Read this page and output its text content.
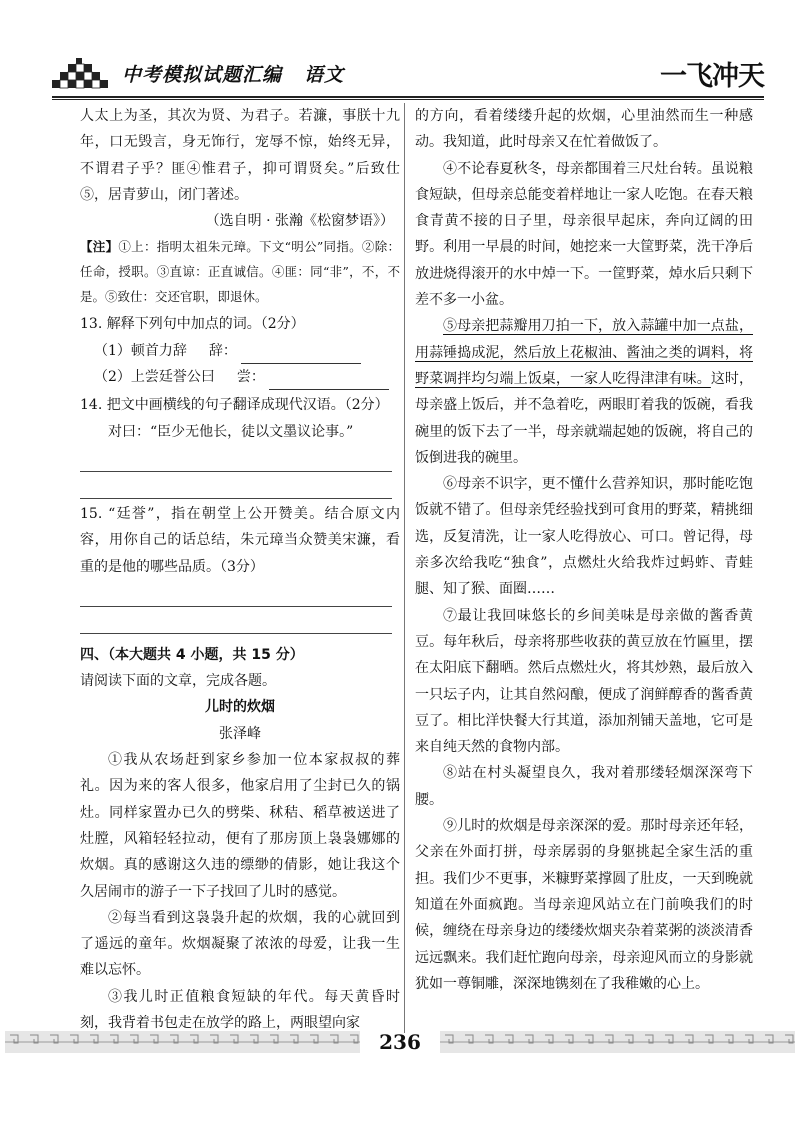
中考模拟试题汇编 语文	一飞冲天

人太上为圣，其次为贤、为君子。若濂，事朕十九年，口无毁言，身无饰行，宠辱不惊，始终无异，不谓君子乎？匪④惟君子，抑可谓贤矣。”后致仕⑤，居青萝山，闭门著述。

（选自明 · 张瀚《松窗梦语》）

【注】①上：指明太祖朱元璋。下文“明公”同指。②除：任命，授职。③直谅：正直诚信。④匪：同“非”，不，不是。⑤致仕：交还官职，即退休。

13. 解释下列句中加点的词。（2分）

（1）顿首力辞 辞：
（2）上尝廷誉公曰 尝：

14. 把文中画横线的句子翻译成现代汉语。（2分）

对曰：“臣少无他长，徒以文墨议论事。”

15. “廷誉”，指在朝堂上公开赞美。结合原文内容，用你自己的话总结，朱元璋当众赞美宋濂，看重的是他的哪些品质。（3分）

四、（本大题共 4 小题，共 15 分）

请阅读下面的文章，完成各题。

儿时的炊烟

张泽峰

①我从农场赶到家乡参加一位本家叔叔的葬礼。因为来的客人很多，他家启用了尘封已久的锅灶。同样家置办已久的劈柴、秫秸、稻草被送进了灶膛，风箱轻轻拉动，便有了那房顶上袅袅娜娜的炊烟。真的感谢这久违的缥缈的倩影，她让我这个久居闹市的游子一下子找回了儿时的感觉。

②每当看到这袅袅升起的炊烟，我的心就回到了遥远的童年。炊烟凝聚了浓浓的母爱，让我一生难以忘怀。

③我儿时正值粮食短缺的年代。每天黄昏时刻，我背着书包走在放学的路上，两眼望向家

的方向，看着缕缕升起的炊烟，心里油然而生一种感动。我知道，此时母亲又在忙着做饭了。

④不论春夏秋冬，母亲都围着三尺灶台转。虽说粮食短缺，但母亲总能变着样地让一家人吃饱。在春天粮食青黄不接的日子里，母亲很早起床，奔向辽阔的田野。利用一早晨的时间，她挖来一大筐野菜，洗干净后放进烧得滚开的水中焯一下。一筐野菜，焯水后只剩下差不多一小盆。

⑤母亲把蒜瓣用刀拍一下，放入蒜罐中加一点盐，用蒜锤捣成泥，然后放上花椒油、酱油之类的调料，将野菜调拌均匀端上饭桌，一家人吃得津津有味。这时，母亲盛上饭后，并不急着吃，两眼盯着我的饭碗，看我碗里的饭下去了一半，母亲就端起她的饭碗，将自己的饭倒进我的碗里。

⑥母亲不识字，更不懂什么营养知识，那时能吃饱饭就不错了。但母亲凭经验找到可食用的野菜，精挑细选，反复清洗，让一家人吃得放心、可口。曾记得，母亲多次给我吃“独食”，点燃灶火给我炸过蚂蚱、青蛙腿、知了猴、面圈……

⑦最让我回味悠长的乡间美味是母亲做的酱香黄豆。每年秋后，母亲将那些收获的黄豆放在竹匾里，摆在太阳底下翻晒。然后点燃灶火，将其炒熟，最后放入一只坛子内，让其自然闷酿，便成了润鲜醇香的酱香黄豆了。相比洋快餐大行其道，添加剂铺天盖地，它可是来自纯天然的食物内部。

⑧站在村头凝望良久，我对着那缕轻烟深深弯下腰。

⑨儿时的炊烟是母亲深深的爱。那时母亲还年轻，父亲在外面打拼，母亲孱弱的身躯挑起全家生活的重担。我们少不更事，米糠野菜撑圆了肚皮，一天到晚就知道在外面疯跑。当母亲迎风站立在门前唤我们的时候，缠绕在母亲身边的缕缕炊烟夹杂着菜粥的淡淡清香远远飘来。我们赶忙跑向母亲，母亲迎风而立的身影就犹如一尊铜雕，深深地镌刻在了我稚嫩的心上。

236
